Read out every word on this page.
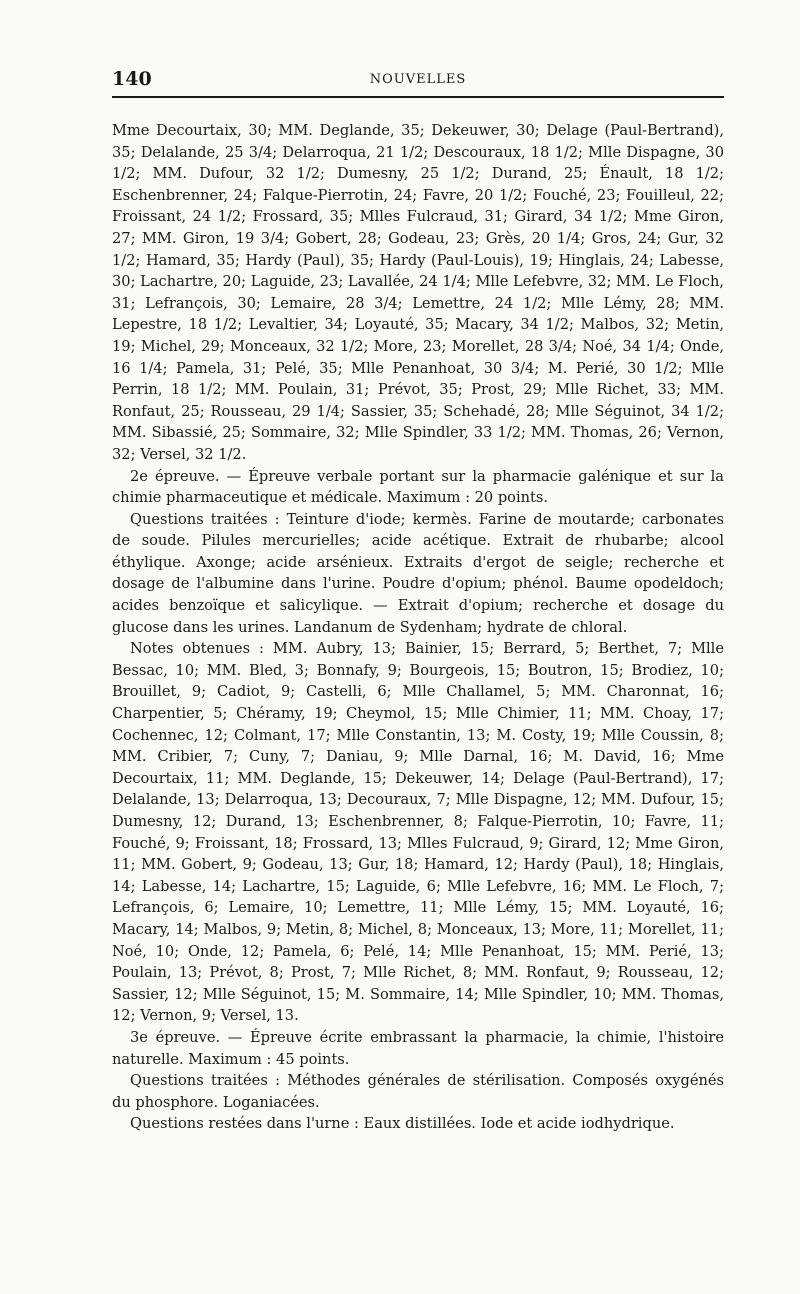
140	NOUVELLES

Mme Decourtaix, 30; MM. Deglande, 35; Dekeuwer, 30; Delage (Paul-Bertrand), 35; Delalande, 25 3/4; Delarroqua, 21 1/2; Descouraux, 18 1/2; Mlle Dispagne, 30 1/2; MM. Dufour, 32 1/2; Dumesny, 25 1/2; Durand, 25; Énault, 18 1/2; Eschenbrenner, 24; Falque-Pierrotin, 24; Favre, 20 1/2; Fouché, 23; Fouilleul, 22; Froissant, 24 1/2; Frossard, 35; Mlles Fulcraud, 31; Girard, 34 1/2; Mme Giron, 27; MM. Giron, 19 3/4; Gobert, 28; Godeau, 23; Grès, 20 1/4; Gros, 24; Gur, 32 1/2; Hamard, 35; Hardy (Paul), 35; Hardy (Paul-Louis), 19; Hinglais, 24; Labesse, 30; Lachartre, 20; Laguide, 23; Lavallée, 24 1/4; Mlle Lefebvre, 32; MM. Le Floch, 31; Lefrançois, 30; Lemaire, 28 3/4; Lemettre, 24 1/2; Mlle Lémy, 28; MM. Lepestre, 18 1/2; Levaltier, 34; Loyauté, 35; Macary, 34 1/2; Malbos, 32; Metin, 19; Michel, 29; Monceaux, 32 1/2; More, 23; Morellet, 28 3/4; Noé, 34 1/4; Onde, 16 1/4; Pamela, 31; Pelé, 35; Mlle Penanhoat, 30 3/4; M. Perié, 30 1/2; Mlle Perrin, 18 1/2; MM. Poulain, 31; Prévot, 35; Prost, 29; Mlle Richet, 33; MM. Ronfaut, 25; Rousseau, 29 1/4; Sassier, 35; Schehadé, 28; Mlle Séguinot, 34 1/2; MM. Sibassié, 25; Sommaire, 32; Mlle Spindler, 33 1/2; MM. Thomas, 26; Vernon, 32; Versel, 32 1/2.

2e épreuve. — Épreuve verbale portant sur la pharmacie galénique et sur la chimie pharmaceutique et médicale. Maximum : 20 points.

Questions traitées : Teinture d'iode; kermès. Farine de moutarde; carbonates de soude. Pilules mercurielles; acide acétique. Extrait de rhubarbe; alcool éthylique. Axonge; acide arsénieux. Extraits d'ergot de seigle; recherche et dosage de l'albumine dans l'urine. Poudre d'opium; phénol. Baume opodeldoch; acides benzoïque et salicylique. — Extrait d'opium; recherche et dosage du glucose dans les urines. Landanum de Sydenham; hydrate de chloral.

Notes obtenues : MM. Aubry, 13; Bainier, 15; Berrard, 5; Berthet, 7; Mlle Bessac, 10; MM. Bled, 3; Bonnafy, 9; Bourgeois, 15; Boutron, 15; Brodiez, 10; Brouillet, 9; Cadiot, 9; Castelli, 6; Mlle Challamel, 5; MM. Charonnat, 16; Charpentier, 5; Chéramy, 19; Cheymol, 15; Mlle Chimier, 11; MM. Choay, 17; Cochennec, 12; Colmant, 17; Mlle Constantin, 13; M. Costy, 19; Mlle Coussin, 8; MM. Cribier, 7; Cuny, 7; Daniau, 9; Mlle Darnal, 16; M. David, 16; Mme Decourtaix, 11; MM. Deglande, 15; Dekeuwer, 14; Delage (Paul-Bertrand), 17; Delalande, 13; Delarroqua, 13; Decouraux, 7; Mlle Dispagne, 12; MM. Dufour, 15; Dumesny, 12; Durand, 13; Eschenbrenner, 8; Falque-Pierrotin, 10; Favre, 11; Fouché, 9; Froissant, 18; Frossard, 13; Mlles Fulcraud, 9; Girard, 12; Mme Giron, 11; MM. Gobert, 9; Godeau, 13; Gur, 18; Hamard, 12; Hardy (Paul), 18; Hinglais, 14; Labesse, 14; Lachartre, 15; Laguide, 6; Mlle Lefebvre, 16; MM. Le Floch, 7; Lefrançois, 6; Lemaire, 10; Lemettre, 11; Mlle Lémy, 15; MM. Loyauté, 16; Macary, 14; Malbos, 9; Metin, 8; Michel, 8; Monceaux, 13; More, 11; Morellet, 11; Noé, 10; Onde, 12; Pamela, 6; Pelé, 14; Mlle Penanhoat, 15; MM. Perié, 13; Poulain, 13; Prévot, 8; Prost, 7; Mlle Richet, 8; MM. Ronfaut, 9; Rousseau, 12; Sassier, 12; Mlle Séguinot, 15; M. Sommaire, 14; Mlle Spindler, 10; MM. Thomas, 12; Vernon, 9; Versel, 13.

3e épreuve. — Épreuve écrite embrassant la pharmacie, la chimie, l'histoire naturelle. Maximum : 45 points.

Questions traitées : Méthodes générales de stérilisation. Composés oxygénés du phosphore. Loganiacées.

Questions restées dans l'urne : Eaux distillées. Iode et acide iodhydrique.
